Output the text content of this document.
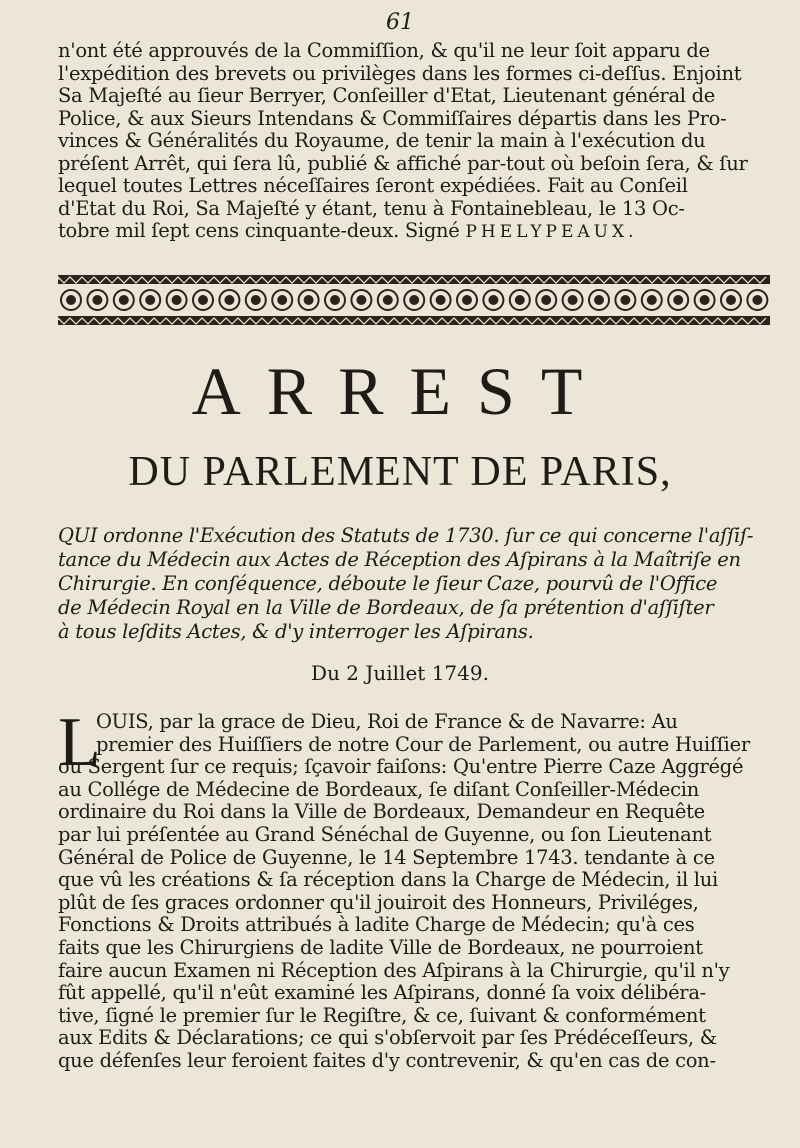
61
n'ont été approuvés de la Commiſſion, & qu'il ne leur ſoit apparu de
l'expédition des brevets ou privilèges dans les formes ci-deſſus. Enjoint
Sa Majeſté au ſieur Berryer, Conſeiller d'Etat, Lieutenant général de
Police, & aux Sieurs Intendans & Commiſſaires départis dans les Pro-
vinces & Généralités du Royaume, de tenir la main à l'exécution du
préſent Arrêt, qui ſera lû, publié & affiché par-tout où beſoin ſera, & ſur
lequel toutes Lettres néceſſaires ſeront expédiées. Fait au Conſeil
d'Etat du Roi, Sa Majeſté y étant, tenu à Fontainebleau, le 13 Oc-
tobre mil ſept cens cinquante-deux. Signé PHELYPEAUX.
ARREST
DU PARLEMENT DE PARIS,
QUI ordonne l'Exécution des Statuts de 1730. ſur ce qui concerne l'aſſiſ-
tance du Médecin aux Actes de Réception des Aſpirans à la Maîtriſe en
Chirurgie. En conſéquence, déboute le ſieur Caze, pourvû de l'Office
de Médecin Royal en la Ville de Bordeaux, de ſa prétention d'aſſiſter
à tous leſdits Actes, & d'y interroger les Aſpirans.
Du 2 Juillet 1749.
L
OUIS, par la grace de Dieu, Roi de France & de Navarre: Au
premier des Huiſſiers de notre Cour de Parlement, ou autre Huiſſier
ou Sergent ſur ce requis; ſçavoir faiſons: Qu'entre Pierre Caze Aggrégé
au Collége de Médecine de Bordeaux, ſe diſant Conſeiller-Médecin
ordinaire du Roi dans la Ville de Bordeaux, Demandeur en Requête
par lui préſentée au Grand Sénéchal de Guyenne, ou ſon Lieutenant
Général de Police de Guyenne, le 14 Septembre 1743. tendante à ce
que vû les créations & ſa réception dans la Charge de Médecin, il lui
plût de ſes graces ordonner qu'il jouiroit des Honneurs, Priviléges,
Fonctions & Droits attribués à ladite Charge de Médecin; qu'à ces
faits que les Chirurgiens de ladite Ville de Bordeaux, ne pourroient
faire aucun Examen ni Réception des Aſpirans à la Chirurgie, qu'il n'y
fût appellé, qu'il n'eût examiné les Aſpirans, donné ſa voix délibéra-
tive, ſigné le premier ſur le Regiſtre, & ce, ſuivant & conformément
aux Edits & Déclarations; ce qui s'obſervoit par ſes Prédéceſſeurs, &
que défenſes leur feroient faites d'y contrevenir, & qu'en cas de con-
